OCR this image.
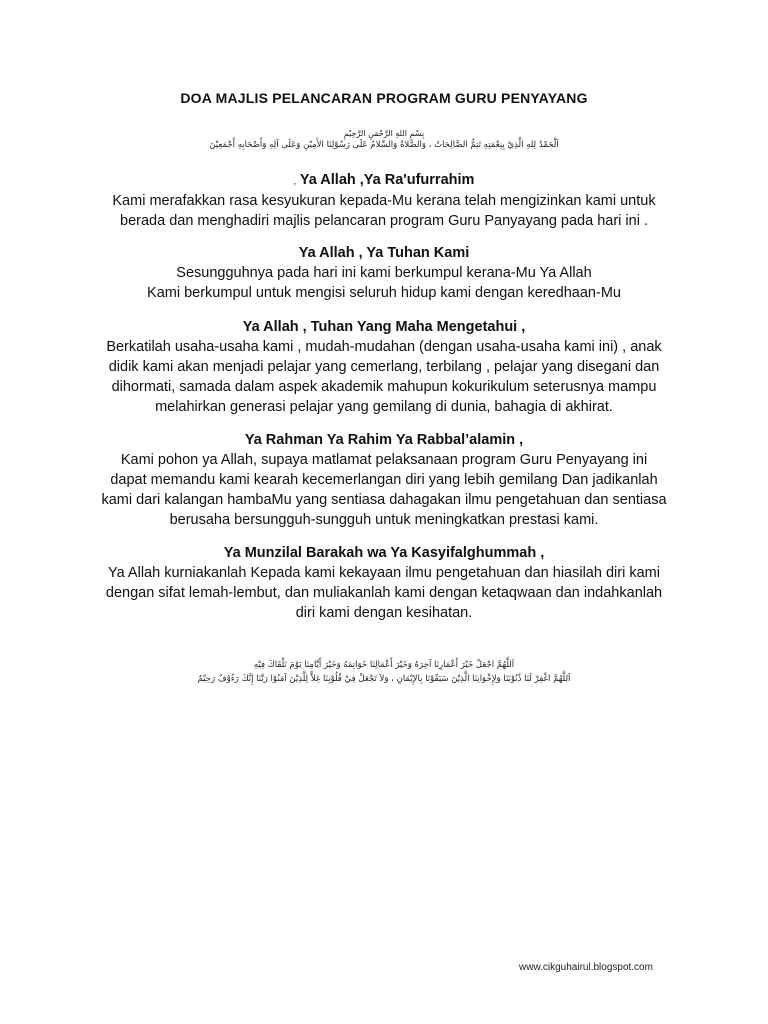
DOA MAJLIS PELANCARAN PROGRAM GURU PENYAYANG
بِسْمِ اللهِ الرَّحْمَنِ الرَّحِيْمِ
اَلْحَمْدُ لِلهِ الَّذِيْ بِنِعْمَتِهِ تَتِمُّ الصَّالِحَاتُ ، وَالصَّلاةُ وَالسَّلامُ عَلَى رَسُوْلِنَا الأَمِيْنِ وَعَلَى آلِهِ وَأَصْحَابِهِ أَجْمَعِيْنَ
, Ya Allah ,Ya Ra'ufurrahim
Kami merafakkan rasa kesyukuran kepada-Mu kerana telah mengizinkan kami untuk
berada dan menghadiri majlis pelancaran program Guru Panyayang pada hari ini .
Ya Allah , Ya Tuhan Kami
Sesungguhnya pada hari ini kami berkumpul kerana-Mu Ya Allah
Kami berkumpul untuk mengisi seluruh hidup kami dengan keredhaan-Mu
Ya Allah , Tuhan Yang Maha Mengetahui ,
Berkatilah usaha-usaha kami , mudah-mudahan (dengan usaha-usaha kami ini) , anak
didik kami akan menjadi pelajar yang cemerlang, terbilang , pelajar yang disegani dan
dihormati, samada dalam aspek akademik mahupun kokurikulum seterusnya mampu
melahirkan generasi pelajar yang gemilang di dunia, bahagia di akhirat.
Ya Rahman Ya Rahim Ya Rabbal’alamin ,
Kami pohon ya Allah, supaya matlamat pelaksanaan program Guru Penyayang ini
dapat memandu kami kearah kecemerlangan diri yang lebih gemilang Dan jadikanlah
kami dari kalangan hambaMu yang sentiasa dahagakan ilmu pengetahuan dan sentiasa
berusaha bersungguh-sungguh untuk meningkatkan prestasi kami.
Ya Munzilal Barakah wa Ya Kasyifalghummah ,
Ya Allah kurniakanlah Kepada kami kekayaan ilmu pengetahuan dan hiasilah diri kami
dengan sifat lemah-lembut, dan muliakanlah kami dengan ketaqwaan dan indahkanlah
diri kami dengan kesihatan.
اَللَّهُمَّ اجْعَلْ خَيْرَ أَعْمَارِنَا آخِرَهُ وَخَيْرَ أَعْمَالِنَا خَوَاتِمَهُ وَخَيْرَ أَيَّامِنَا يَوْمَ نَلْقَاكَ فِيْهِ
اَللَّهُمَّ اغْفِرْ لَنَا ذُنُوْبَنَا وَلِإِخْوَانِنَا الَّذِيْنَ سَبَقُوْنَا بِالإِيْمَانِ ، وَلاَ تَجْعَلْ فِيْ قُلُوْبِنَا غِلاًّ لِلَّذِيْنَ آمَنُوْا رَبَّنَا إِنَّكَ رَءُوْفٌ رَحِيْمٌ
www.cikguhairul.blogspot.com
